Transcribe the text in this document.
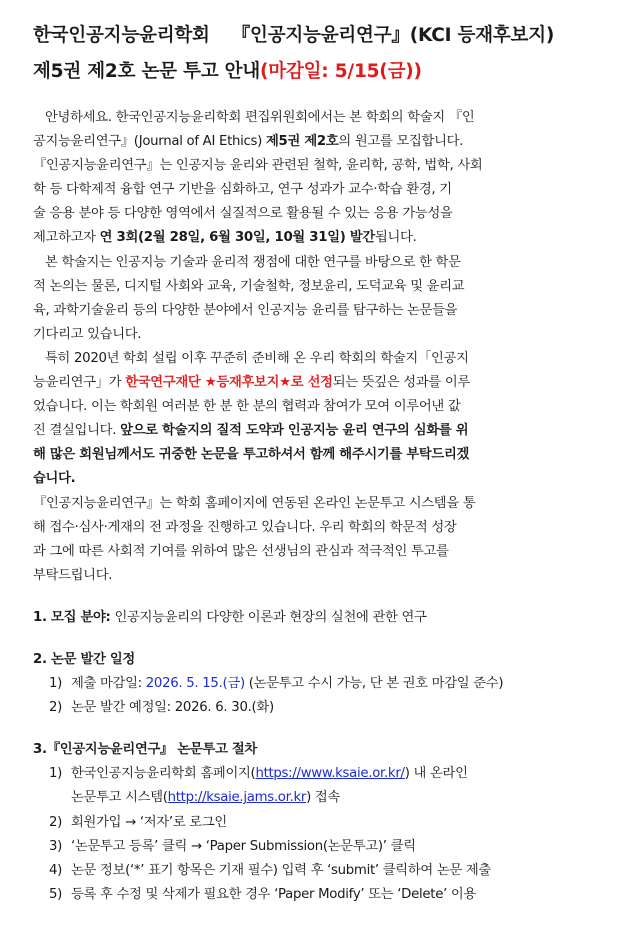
한국인공지능윤리학회 『인공지능윤리연구』(KCI 등재후보지)
제5권 제2호 논문 투고 안내(마감일: 5/15(금))

안녕하세요. 한국인공지능윤리학회 편집위원회에서는 본 학회의 학술지 『인

공지능윤리연구』(Journal of AI Ethics) 제5권 제2호의 원고를 모집합니다.

『인공지능윤리연구』는 인공지능 윤리와 관련된 철학, 윤리학, 공학, 법학, 사회

학 등 다학제적 융합 연구 기반을 심화하고, 연구 성과가 교수·학습 환경, 기

술 응용 분야 등 다양한 영역에서 실질적으로 활용될 수 있는 응용 가능성을

제고하고자 연 3회(2월 28일, 6월 30일, 10월 31일) 발간됩니다.

본 학술지는 인공지능 기술과 윤리적 쟁점에 대한 연구를 바탕으로 한 학문

적 논의는 물론, 디지털 사회와 교육, 기술철학, 정보윤리, 도덕교육 및 윤리교

육, 과학기술윤리 등의 다양한 분야에서 인공지능 윤리를 탐구하는 논문들을

기다리고 있습니다.

특히 2020년 학회 설립 이후 꾸준히 준비해 온 우리 학회의 학술지「인공지

능윤리연구」가 한국연구재단 ★등재후보지★로 선정되는 뜻깊은 성과를 이루

었습니다. 이는 학회원 여러분 한 분 한 분의 협력과 참여가 모여 이루어낸 값

진 결실입니다. 앞으로 학술지의 질적 도약과 인공지능 윤리 연구의 심화를 위

해 많은 회원님께서도 귀중한 논문을 투고하셔서 함께 해주시기를 부탁드리겠

습니다.

『인공지능윤리연구』는 학회 홈페이지에 연동된 온라인 논문투고 시스템을 통

해 접수·심사·게재의 전 과정을 진행하고 있습니다. 우리 학회의 학문적 성장

과 그에 따른 사회적 기여를 위하여 많은 선생님의 관심과 적극적인 투고를

부탁드립니다.

1. 모집 분야: 인공지능윤리의 다양한 이론과 현장의 실천에 관한 연구

2. 논문 발간 일정

1) 제출 마감일: 2026. 5. 15.(금) (논문투고 수시 가능, 단 본 권호 마감일 준수)

2) 논문 발간 예정일: 2026. 6. 30.(화)

3.『인공지능윤리연구』 논문투고 절차

1) 한국인공지능윤리학회 홈페이지(https://www.ksaie.or.kr/) 내 온라인

논문투고 시스템(http://ksaie.jams.or.kr) 접속

2) 회원가입 → ‘저자’로 로그인

3) ‘논문투고 등록’ 클릭 → ‘Paper Submission(논문투고)’ 클릭

4) 논문 정보(‘*’ 표기 항목은 기재 필수) 입력 후 ‘submit’ 클릭하여 논문 제출

5) 등록 후 수정 및 삭제가 필요한 경우 ‘Paper Modify’ 또는 ‘Delete’ 이용
